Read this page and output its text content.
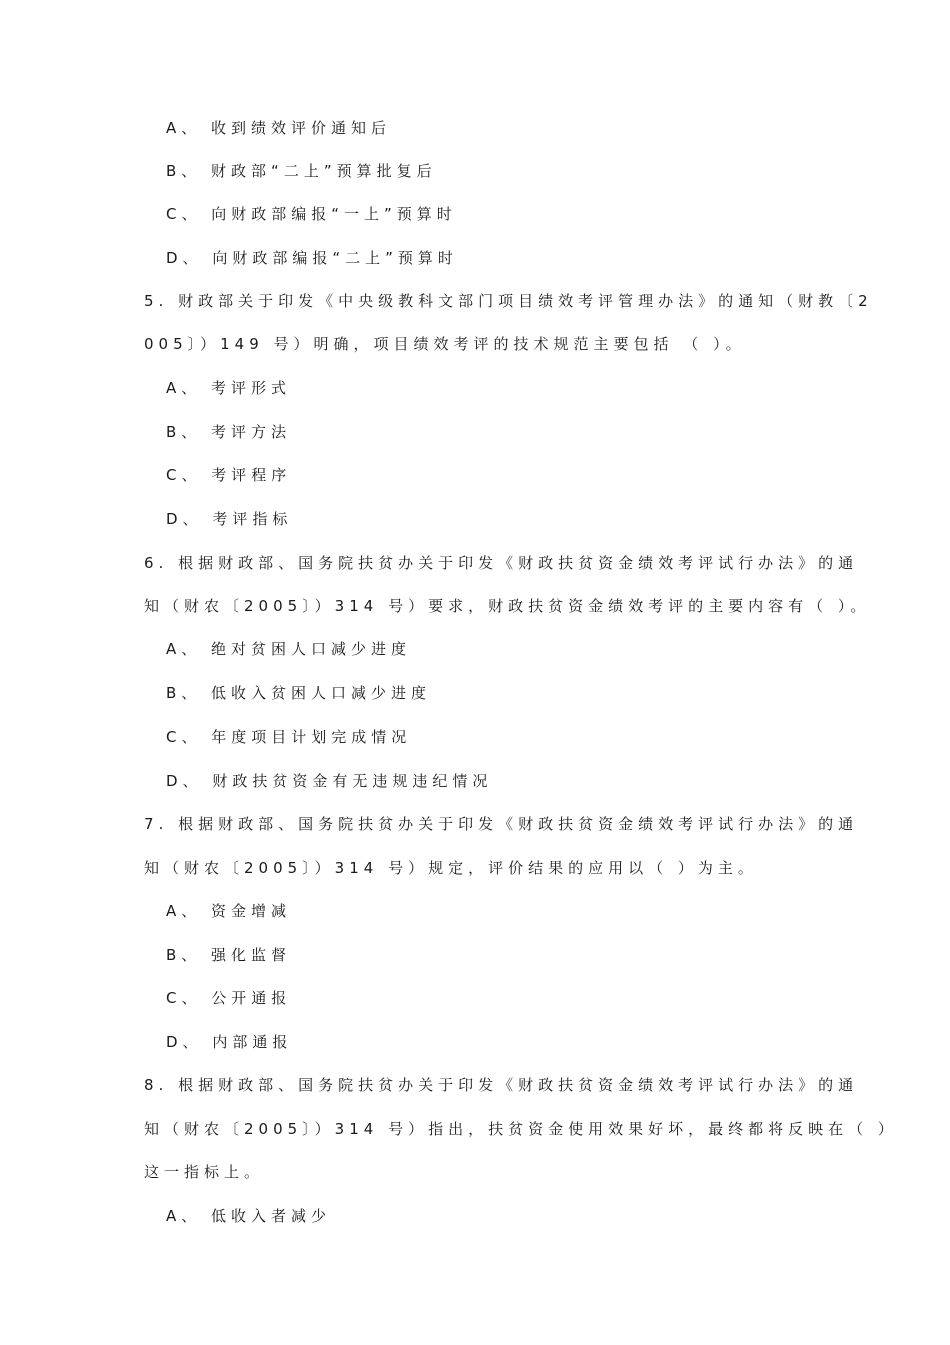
A、 收到绩效评价通知后
B、 财政部“二上”预算批复后
C、 向财政部编报“一上”预算时
D、 向财政部编报“二上”预算时
5. 财政部关于印发《中央级教科文部门项目绩效考评管理办法》的通知（财教〔2
005〕）149 号）明确，项目绩效考评的技术规范主要包括 （ ）。
A、 考评形式
B、 考评方法
C、 考评程序
D、 考评指标
6. 根据财政部、国务院扶贫办关于印发《财政扶贫资金绩效考评试行办法》的通
知（财农〔2005〕）314 号）要求，财政扶贫资金绩效考评的主要内容有（ ）。
A、 绝对贫困人口减少进度
B、 低收入贫困人口减少进度
C、 年度项目计划完成情况
D、 财政扶贫资金有无违规违纪情况
7. 根据财政部、国务院扶贫办关于印发《财政扶贫资金绩效考评试行办法》的通
知（财农〔2005〕）314 号）规定，评价结果的应用以（ ）为主。
A、 资金增减
B、 强化监督
C、 公开通报
D、 内部通报
8. 根据财政部、国务院扶贫办关于印发《财政扶贫资金绩效考评试行办法》的通
知（财农〔2005〕）314 号）指出，扶贫资金使用效果好坏，最终都将反映在（ ）
这一指标上。
A、 低收入者减少
